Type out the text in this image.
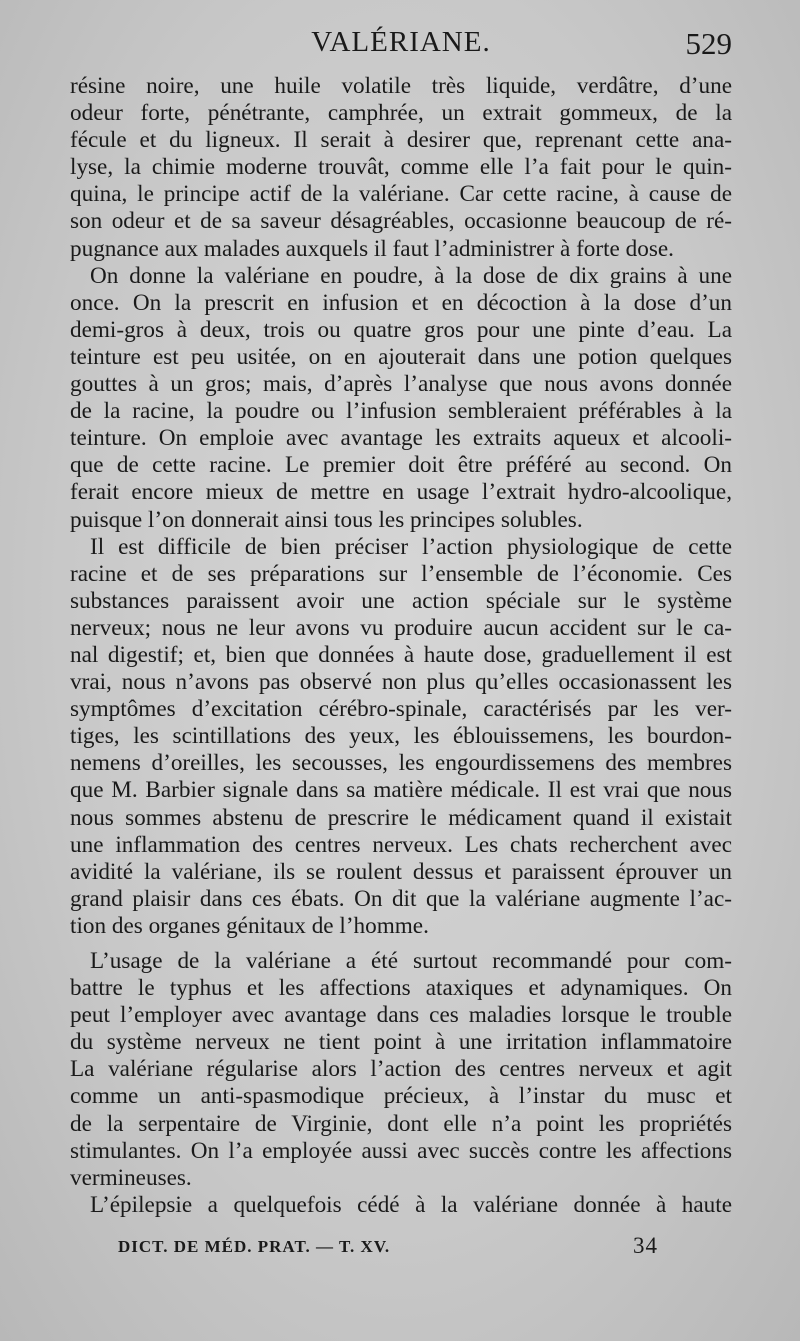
VALÉRIANE.	529
résine noire, une huile volatile très liquide, verdâtre, d’une
odeur forte, pénétrante, camphrée, un extrait gommeux, de la
fécule et du ligneux. Il serait à desirer que, reprenant cette ana-
lyse, la chimie moderne trouvât, comme elle l’a fait pour le quin-
quina, le principe actif de la valériane. Car cette racine, à cause de
son odeur et de sa saveur désagréables, occasionne beaucoup de ré-
pugnance aux malades auxquels il faut l’administrer à forte dose.
On donne la valériane en poudre, à la dose de dix grains à une
once. On la prescrit en infusion et en décoction à la dose d’un
demi-gros à deux, trois ou quatre gros pour une pinte d’eau. La
teinture est peu usitée, on en ajouterait dans une potion quelques
gouttes à un gros; mais, d’après l’analyse que nous avons donnée
de la racine, la poudre ou l’infusion sembleraient préférables à la
teinture. On emploie avec avantage les extraits aqueux et alcooli-
que de cette racine. Le premier doit être préféré au second. On
ferait encore mieux de mettre en usage l’extrait hydro-alcoolique,
puisque l’on donnerait ainsi tous les principes solubles.
Il est difficile de bien préciser l’action physiologique de cette
racine et de ses préparations sur l’ensemble de l’économie. Ces
substances paraissent avoir une action spéciale sur le système
nerveux; nous ne leur avons vu produire aucun accident sur le ca-
nal digestif; et, bien que données à haute dose, graduellement il est
vrai, nous n’avons pas observé non plus qu’elles occasionassent les
symptômes d’excitation cérébro-spinale, caractérisés par les ver-
tiges, les scintillations des yeux, les éblouissemens, les bourdon-
nemens d’oreilles, les secousses, les engourdissemens des membres
que M. Barbier signale dans sa matière médicale. Il est vrai que nous
nous sommes abstenu de prescrire le médicament quand il existait
une inflammation des centres nerveux. Les chats recherchent avec
avidité la valériane, ils se roulent dessus et paraissent éprouver un
grand plaisir dans ces ébats. On dit que la valériane augmente l’ac-
tion des organes génitaux de l’homme.
L’usage de la valériane a été surtout recommandé pour com-
battre le typhus et les affections ataxiques et adynamiques. On
peut l’employer avec avantage dans ces maladies lorsque le trouble
du système nerveux ne tient point à une irritation inflammatoire
La valériane régularise alors l’action des centres nerveux et agit
comme un anti-spasmodique précieux, à l’instar du musc et
de la serpentaire de Virginie, dont elle n’a point les propriétés
stimulantes. On l’a employée aussi avec succès contre les affections
vermineuses.
L’épilepsie a quelquefois cédé à la valériane donnée à haute
DICT. DE MÉD. PRAT. — T. XV.	34
